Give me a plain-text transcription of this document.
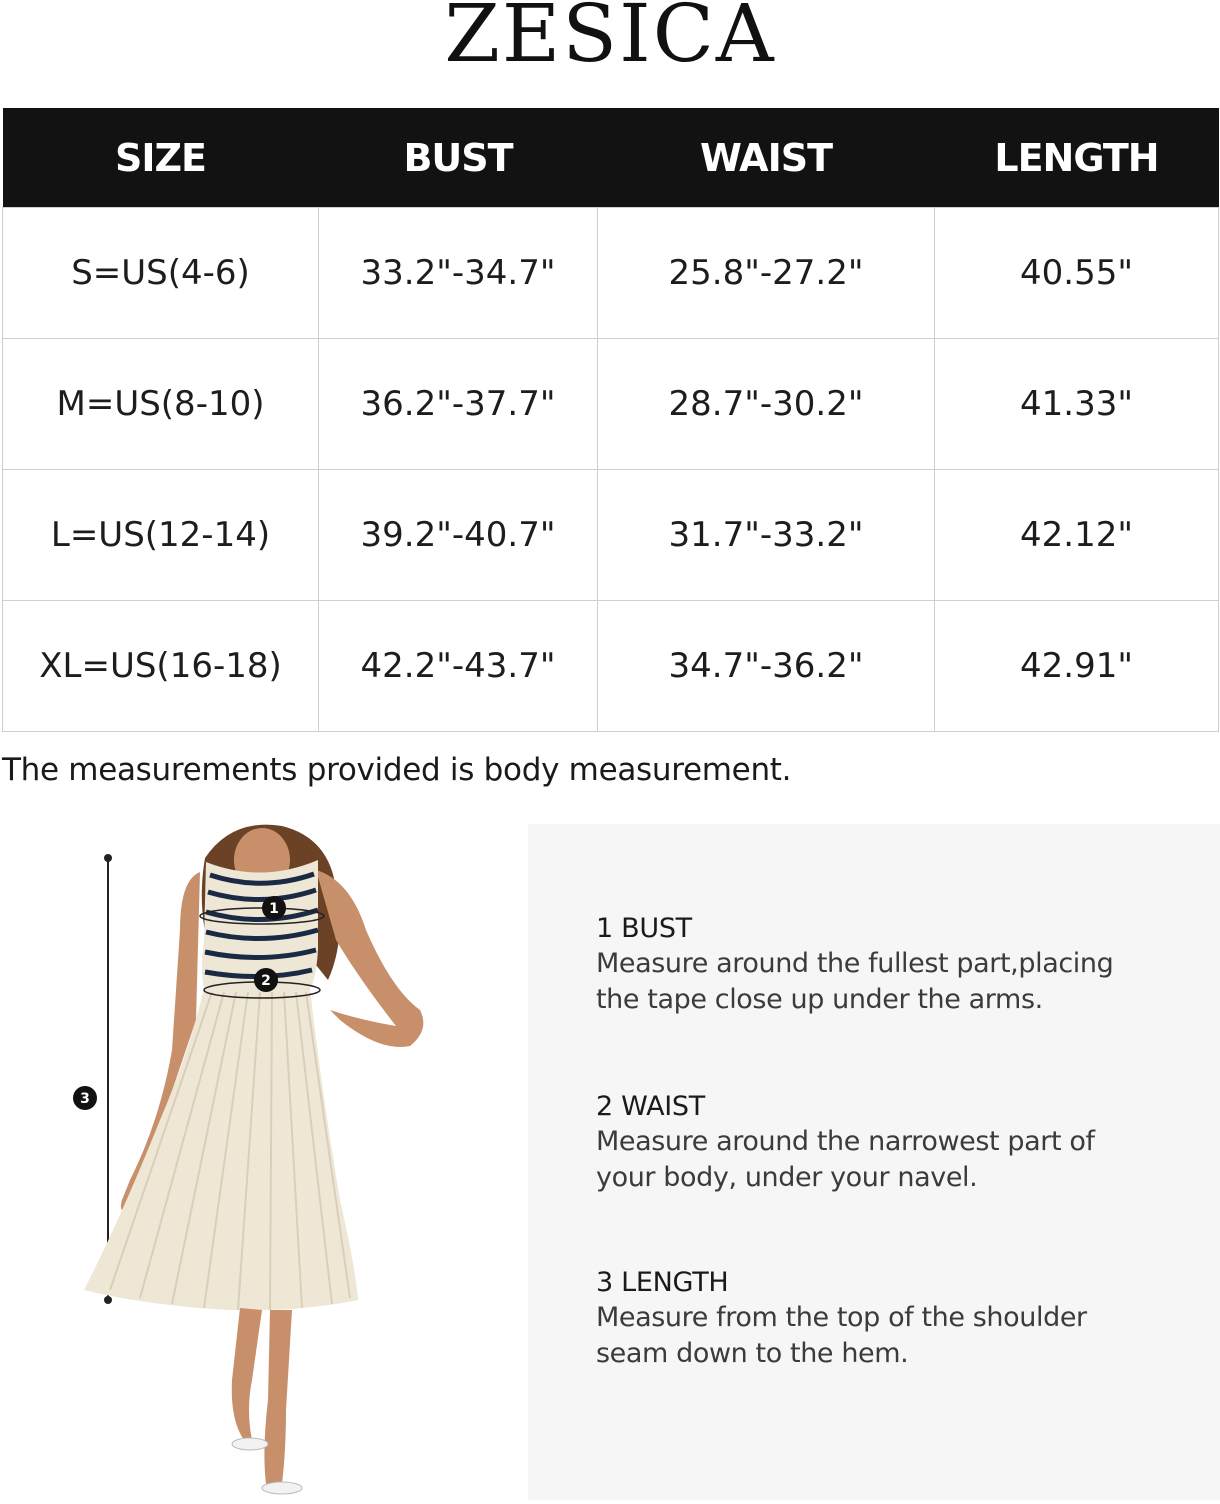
ZESICA
SIZE	BUST	WAIST	LENGTH
S=US(4-6)	33.2"-34.7"	25.8"-27.2"	40.55"
M=US(8-10)	36.2"-37.7"	28.7"-30.2"	41.33"
L=US(12-14)	39.2"-40.7"	31.7"-33.2"	42.12"
XL=US(16-18)	42.2"-43.7"	34.7"-36.2"	42.91"
The measurements provided is body measurement.
1
2
3
1 BUST
Measure around the fullest part,placing
the tape close up under the arms.
2 WAIST
Measure around the narrowest part of
your body, under your navel.
3 LENGTH
Measure from the top of the shoulder
seam down to the hem.
